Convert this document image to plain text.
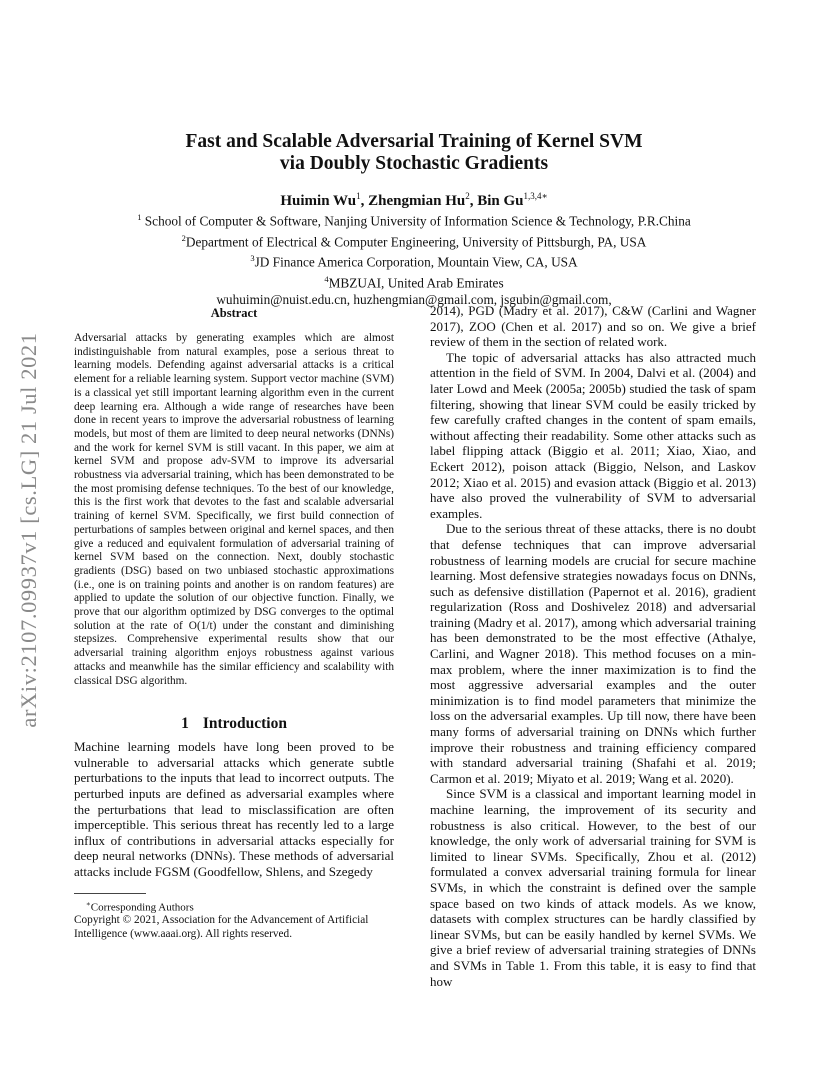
arXiv:2107.09937v1 [cs.LG] 21 Jul 2021
Fast and Scalable Adversarial Training of Kernel SVM
via Doubly Stochastic Gradients
Huimin Wu$^1$, Zhengmian Hu$^2$, Bin $Gu^{1,3,4∗}$
$^1$ School of Computer & Software, Nanjing University of Information Science & Technology, P.R.China
$^2$Department of Electrical & Computer Engineering, University of Pittsburgh, PA, USA
$^3$JD Finance America Corporation, Mountain View, CA, USA
$^4$MBZUAI, United Arab Emirates
wuhuimin@nuist.edu.cn, huzhengmian@gmail.com, jsgubin@gmail.com,
Abstract

Adversarial attacks by generating examples which are almost indistinguishable from natural examples, pose a serious threat to learning models. Defending against adversarial attacks is a critical element for a reliable learning system. Support vector machine (SVM) is a classical yet still important learning algorithm even in the current deep learning era. Although a wide range of researches have been done in recent years to improve the adversarial robustness of learning models, but most of them are limited to deep neural networks (DNNs) and the work for kernel SVM is still vacant. In this paper, we aim at kernel SVM and propose adv-SVM to improve its adversarial robustness via adversarial training, which has been demonstrated to be the most promising defense techniques. To the best of our knowledge, this is the first work that devotes to the fast and scalable adversarial training of kernel SVM. Specifically, we first build connection of perturbations of samples between original and kernel spaces, and then give a reduced and equivalent formulation of adversarial training of kernel SVM based on the connection. Next, doubly stochastic gradients (DSG) based on two unbiased stochastic approximations (i.e., one is on training points and another is on random features) are applied to update the solution of our objective function. Finally, we prove that our algorithm optimized by DSG converges to the optimal solution at the rate of O(1/t) under the constant and diminishing stepsizes. Comprehensive experimental results show that our adversarial training algorithm enjoys robustness against various attacks and meanwhile has the similar efficiency and scalability with classical DSG algorithm.

1 Introduction

Machine learning models have long been proved to be vulnerable to adversarial attacks which generate subtle perturbations to the inputs that lead to incorrect outputs. The perturbed inputs are defined as adversarial examples where the perturbations that lead to misclassification are often imperceptible. This serious threat has recently led to a large influx of contributions in adversarial attacks especially for deep neural networks (DNNs). These methods of adversarial attacks include FGSM (Goodfellow, Shlens, and Szegedy

∗Corresponding Authors

Copyright © 2021, Association for the Advancement of Artificial Intelligence (www.aaai.org). All rights reserved.

2014), PGD (Madry et al. 2017), C&W (Carlini and Wagner 2017), ZOO (Chen et al. 2017) and so on. We give a brief review of them in the section of related work.

The topic of adversarial attacks has also attracted much attention in the field of SVM. In 2004, Dalvi et al. (2004) and later Lowd and Meek (2005a; 2005b) studied the task of spam filtering, showing that linear SVM could be easily tricked by few carefully crafted changes in the content of spam emails, without affecting their readability. Some other attacks such as label flipping attack (Biggio et al. 2011; Xiao, Xiao, and Eckert 2012), poison attack (Biggio, Nelson, and Laskov 2012; Xiao et al. 2015) and evasion attack (Biggio et al. 2013) have also proved the vulnerability of SVM to adversarial examples.

Due to the serious threat of these attacks, there is no doubt that defense techniques that can improve adversarial robustness of learning models are crucial for secure machine learning. Most defensive strategies nowadays focus on DNNs, such as defensive distillation (Papernot et al. 2016), gradient regularization (Ross and Doshivelez 2018) and adversarial training (Madry et al. 2017), among which adversarial training has been demonstrated to be the most effective (Athalye, Carlini, and Wagner 2018). This method focuses on a min-max problem, where the inner maximization is to find the most aggressive adversarial examples and the outer minimization is to find model parameters that minimize the loss on the adversarial examples. Up till now, there have been many forms of adversarial training on DNNs which further improve their robustness and training efficiency compared with standard adversarial training (Shafahi et al. 2019; Carmon et al. 2019; Miyato et al. 2019; Wang et al. 2020).

Since SVM is a classical and important learning model in machine learning, the improvement of its security and robustness is also critical. However, to the best of our knowledge, the only work of adversarial training for SVM is limited to linear SVMs. Specifically, Zhou et al. (2012) formulated a convex adversarial training formula for linear SVMs, in which the constraint is defined over the sample space based on two kinds of attack models. As we know, datasets with complex structures can be hardly classified by linear SVMs, but can be easily handled by kernel SVMs. We give a brief review of adversarial training strategies of DNNs and SVMs in Table 1. From this table, it is easy to find that how
